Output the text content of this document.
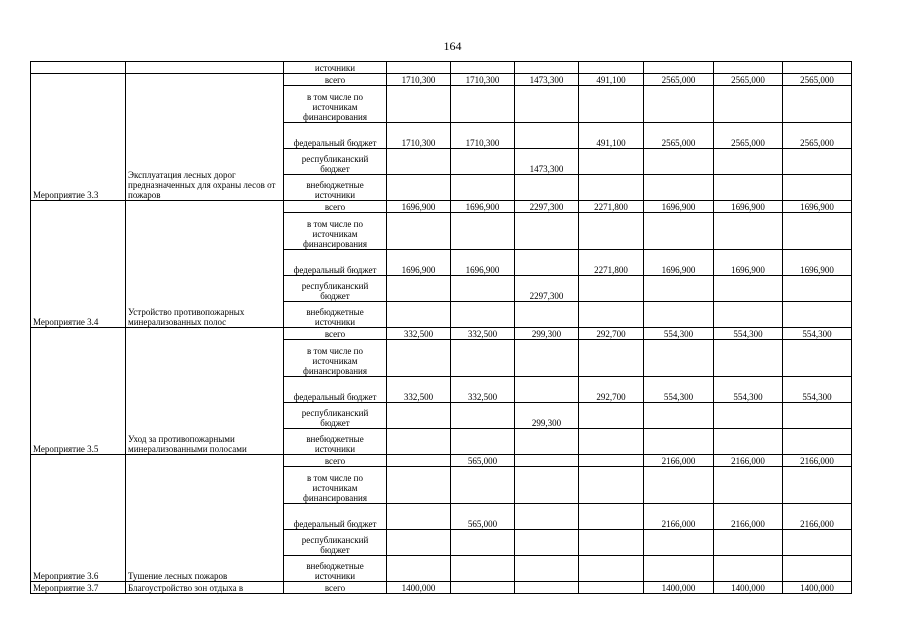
164
		источники							
Мероприятие 3.3	Эксплуатация лесных дорог предназначенных для охраны лесов от пожаров	всего	1710,300	1710,300	1473,300	491,100	2565,000	2565,000	2565,000
		в том числе по источникам финансирования							
		федеральный бюджет	1710,300	1710,300		491,100	2565,000	2565,000	2565,000
		республиканский бюджет			1473,300				
		внебюджетные источники							
Мероприятие 3.4	Устройство противопожарных минерализованных полос	всего	1696,900	1696,900	2297,300	2271,800	1696,900	1696,900	1696,900
		в том числе по источникам финансирования							
		федеральный бюджет	1696,900	1696,900		2271,800	1696,900	1696,900	1696,900
		республиканский бюджет			2297,300				
		внебюджетные источники							
Мероприятие 3.5	Уход за противопожарными минерализованными полосами	всего	332,500	332,500	299,300	292,700	554,300	554,300	554,300
		в том числе по источникам финансирования							
		федеральный бюджет	332,500	332,500		292,700	554,300	554,300	554,300
		республиканский бюджет			299,300				
		внебюджетные источники							
Мероприятие 3.6	Тушение лесных пожаров	всего		565,000			2166,000	2166,000	2166,000
		в том числе по источникам финансирования							
		федеральный бюджет		565,000			2166,000	2166,000	2166,000
		республиканский бюджет							
		внебюджетные источники							
Мероприятие 3.7	Благоустройство зон отдыха в	всего	1400,000				1400,000	1400,000	1400,000
